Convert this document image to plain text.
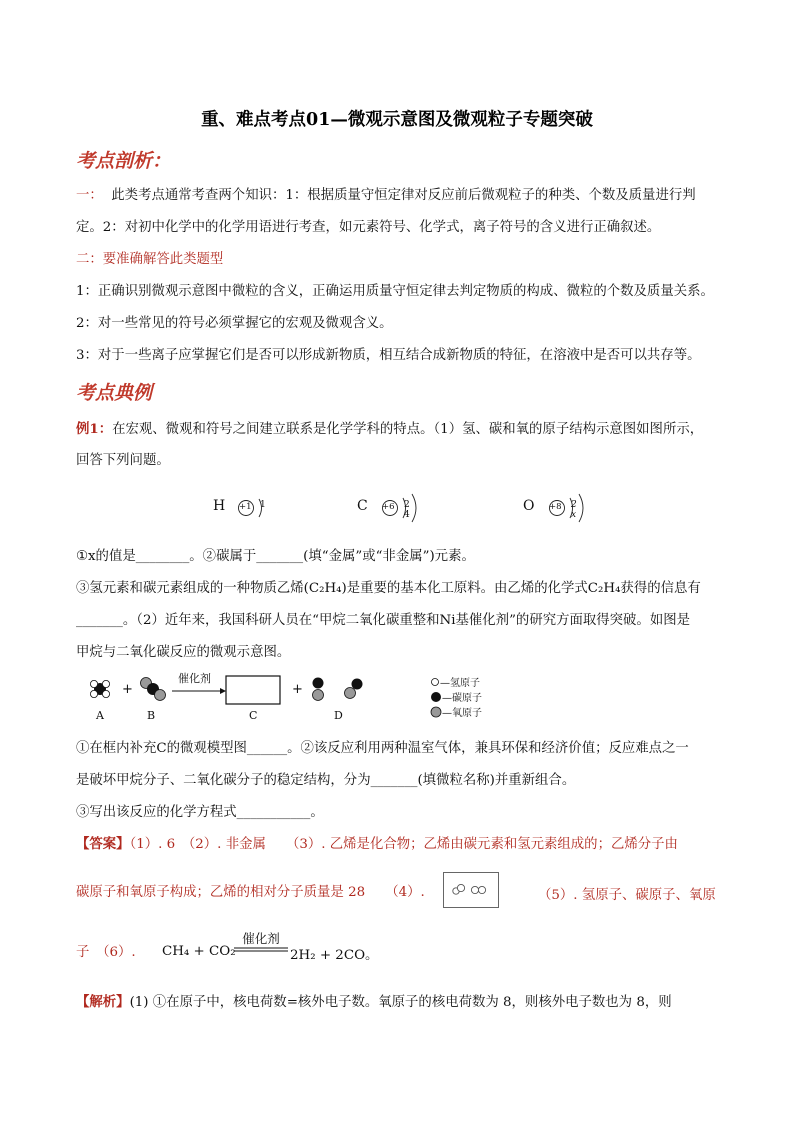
重、难点考点01—微观示意图及微观粒子专题突破
考点剖析：
一： 此类考点通常考查两个知识：1：根据质量守恒定律对反应前后微观粒子的种类、个数及质量进行判
定。2：对初中化学中的化学用语进行考查，如元素符号、化学式，离子符号的含义进行正确叙述。
二：要准确解答此类题型
1：正确识别微观示意图中微粒的含义，正确运用质量守恒定律去判定物质的构成、微粒的个数及质量关系。
2：对一些常见的符号必须掌握它的宏观及微观含义。
3：对于一些离子应掌握它们是否可以形成新物质，相互结合成新物质的特征，在溶液中是否可以共存等。
考点典例
例1：在宏观、微观和符号之间建立联系是化学学科的特点。（1）氢、碳和氧的原子结构示意图如图所示，
回答下列问题。
H +1 1	C +6 2 4
O +8 2 x
①x的值是________。②碳属于_______(填“金属”或“非金属”)元素。
③氢元素和碳元素组成的一种物质乙烯(C₂H₄)是重要的基本化工原料。由乙烯的化学式C₂H₄获得的信息有
_______。（2）近年来，我国科研人员在“甲烷二氧化碳重整和Ni基催化剂”的研究方面取得突破。如图是
甲烷与二氧化碳反应的微观示意图。
+	+
催化剂
A	B	C	D
—氢原子
—碳原子
—氧原子
①在框内补充C的微观模型图______。②该反应利用两种温室气体，兼具环保和经济价值；反应难点之一
是破坏甲烷分子、二氧化碳分子的稳定结构，分为_______(填微粒名称)并重新组合。
③写出该反应的化学方程式___________。
【答案】（1）. 6　（2）. 非金属　　（3）. 乙烯是化合物；乙烯由碳元素和氢元素组成的；乙烯分子由
碳原子和氧原子构成；乙烯的相对分子质量是 28　　（4）.	（5）. 氢原子、碳原子、氧原
子　（6）. CH₄ + CO₂
催化剂
2H₂ + 2CO。
【解析】(1) ①在原子中，核电荷数=核外电子数。氧原子的核电荷数为 8，则核外电子数也为 8，则
